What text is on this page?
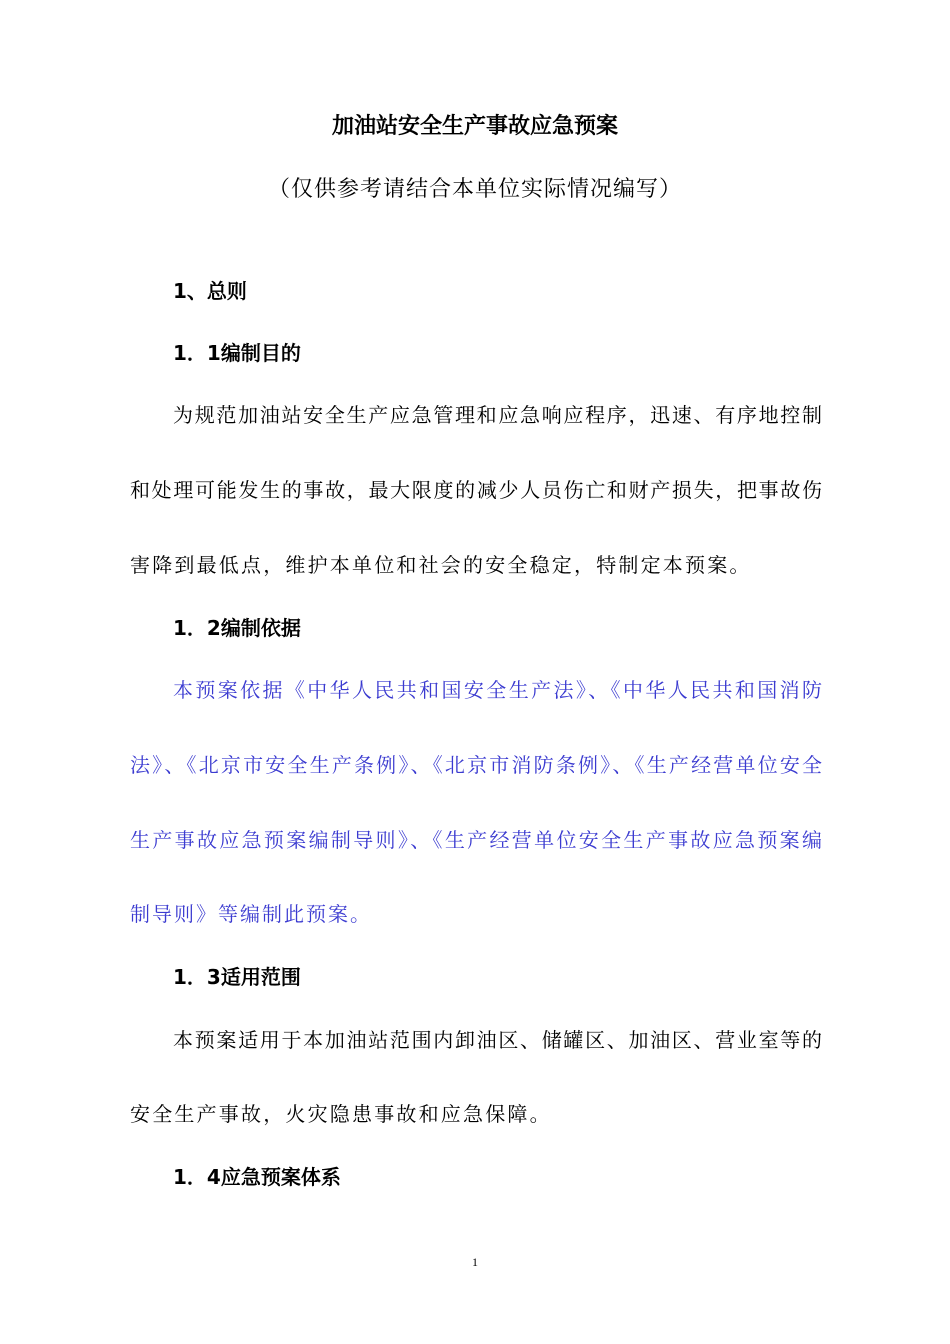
加油站安全生产事故应急预案
（仅供参考请结合本单位实际情况编写）
1、总则
1．1编制目的
为规范加油站安全生产应急管理和应急响应程序，迅速、有序地控制
和处理可能发生的事故，最大限度的减少人员伤亡和财产损失，把事故伤
害降到最低点，维护本单位和社会的安全稳定，特制定本预案。
1．2编制依据
本预案依据《中华人民共和国安全生产法》、《中华人民共和国消防
法》、《北京市安全生产条例》、《北京市消防条例》、《生产经营单位安全
生产事故应急预案编制导则》、《生产经营单位安全生产事故应急预案编
制导则》等编制此预案。
1．3适用范围
本预案适用于本加油站范围内卸油区、储罐区、加油区、营业室等的
安全生产事故，火灾隐患事故和应急保障。
1．4应急预案体系
1
